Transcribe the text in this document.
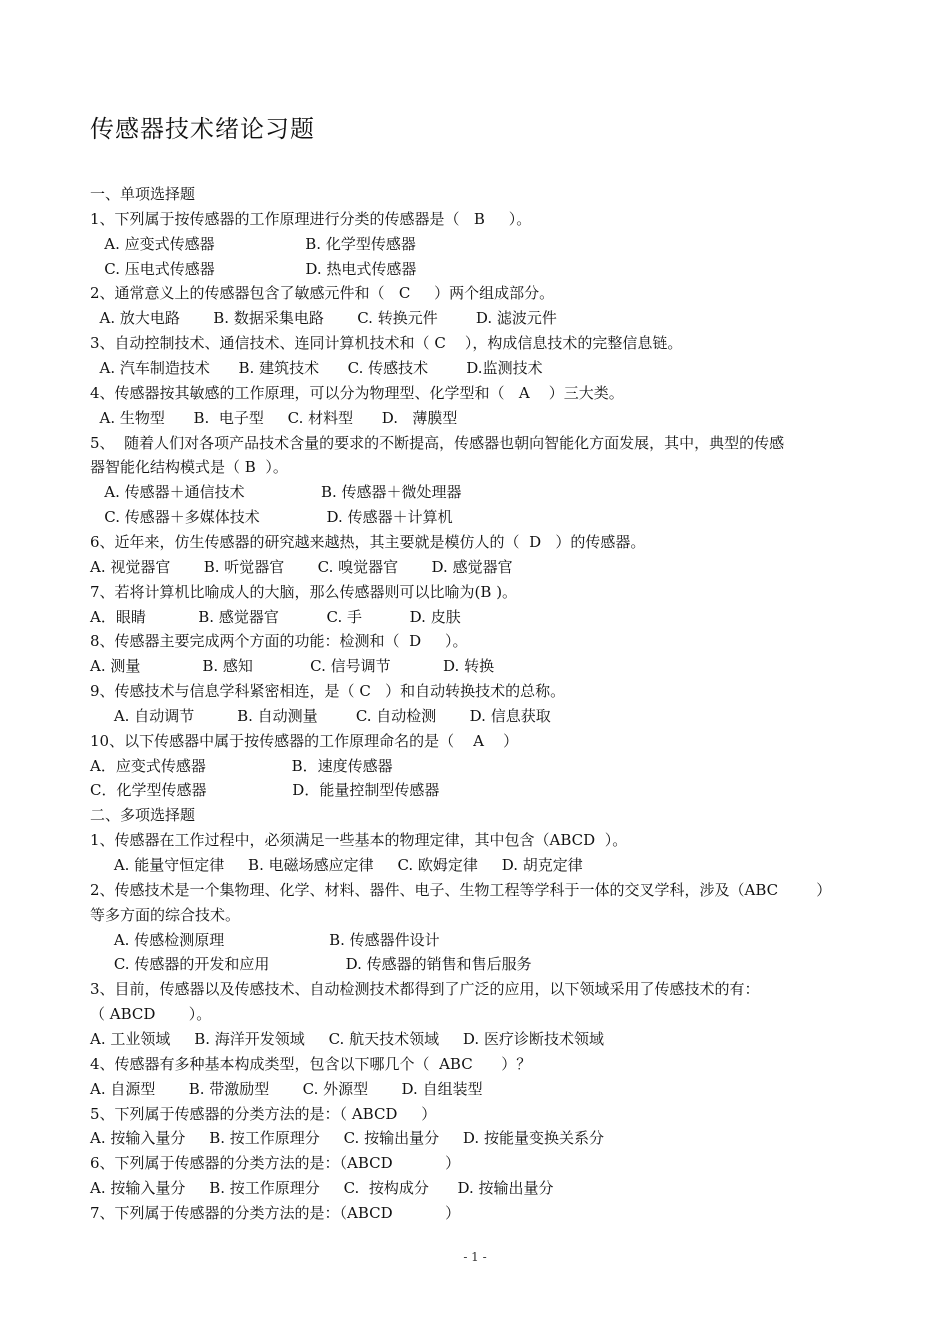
传感器技术绪论习题
一、单项选择题
1、下列属于按传感器的工作原理进行分类的传感器是（   B     ）。
A. 应变式传感器                   B. 化学型传感器
C. 压电式传感器                   D. 热电式传感器
2、通常意义上的传感器包含了敏感元件和（   C     ）两个组成部分。
A. 放大电路       B. 数据采集电路       C. 转换元件        D. 滤波元件
3、自动控制技术、通信技术、连同计算机技术和（ C    ），构成信息技术的完整信息链。
A. 汽车制造技术      B. 建筑技术      C. 传感技术        D.监测技术
4、传感器按其敏感的工作原理，可以分为物理型、化学型和（   A    ）三大类。
A. 生物型      B.  电子型     C. 材料型      D.   薄膜型
5、  随着人们对各项产品技术含量的要求的不断提高，传感器也朝向智能化方面发展，其中，典型的传感
器智能化结构模式是（ B  ）。
A. 传感器＋通信技术                B. 传感器＋微处理器
C. 传感器＋多媒体技术              D. 传感器＋计算机
6、近年来，仿生传感器的研究越来越热，其主要就是模仿人的（  D   ）的传感器。
A. 视觉器官       B. 听觉器官       C. 嗅觉器官       D. 感觉器官
7、若将计算机比喻成人的大脑，那么传感器则可以比喻为(B )。
A．眼睛           B. 感觉器官          C. 手          D. 皮肤
8、传感器主要完成两个方面的功能：检测和（  D     ）。
A. 测量             B. 感知            C. 信号调节           D. 转换
9、传感技术与信息学科紧密相连，是（ C   ）和自动转换技术的总称。
A. 自动调节         B. 自动测量        C. 自动检测       D. 信息获取
10、以下传感器中属于按传感器的工作原理命名的是（    A    ）
A．应变式传感器                  B．速度传感器
C．化学型传感器                  D．能量控制型传感器
二、多项选择题
1、传感器在工作过程中，必须满足一些基本的物理定律，其中包含（ABCD  ）。
A. 能量守恒定律     B. 电磁场感应定律     C. 欧姆定律     D. 胡克定律
2、传感技术是一个集物理、化学、材料、器件、电子、生物工程等学科于一体的交叉学科，涉及（ABC        ）
等多方面的综合技术。
A. 传感检测原理                      B. 传感器件设计
C. 传感器的开发和应用                D. 传感器的销售和售后服务
3、目前，传感器以及传感技术、自动检测技术都得到了广泛的应用，以下领域采用了传感技术的有：
（ ABCD       ）。
A. 工业领域     B. 海洋开发领域     C. 航天技术领域     D. 医疗诊断技术领域
4、传感器有多种基本构成类型，包含以下哪几个（  ABC      ）？
A. 自源型       B. 带激励型       C. 外源型       D. 自组装型
5、下列属于传感器的分类方法的是：（ ABCD     ）
A. 按输入量分     B. 按工作原理分     C. 按输出量分     D. 按能量变换关系分
6、下列属于传感器的分类方法的是：（ABCD           ）
A. 按输入量分     B. 按工作原理分     C.  按构成分      D. 按输出量分
7、下列属于传感器的分类方法的是：（ABCD           ）
- 1 -
